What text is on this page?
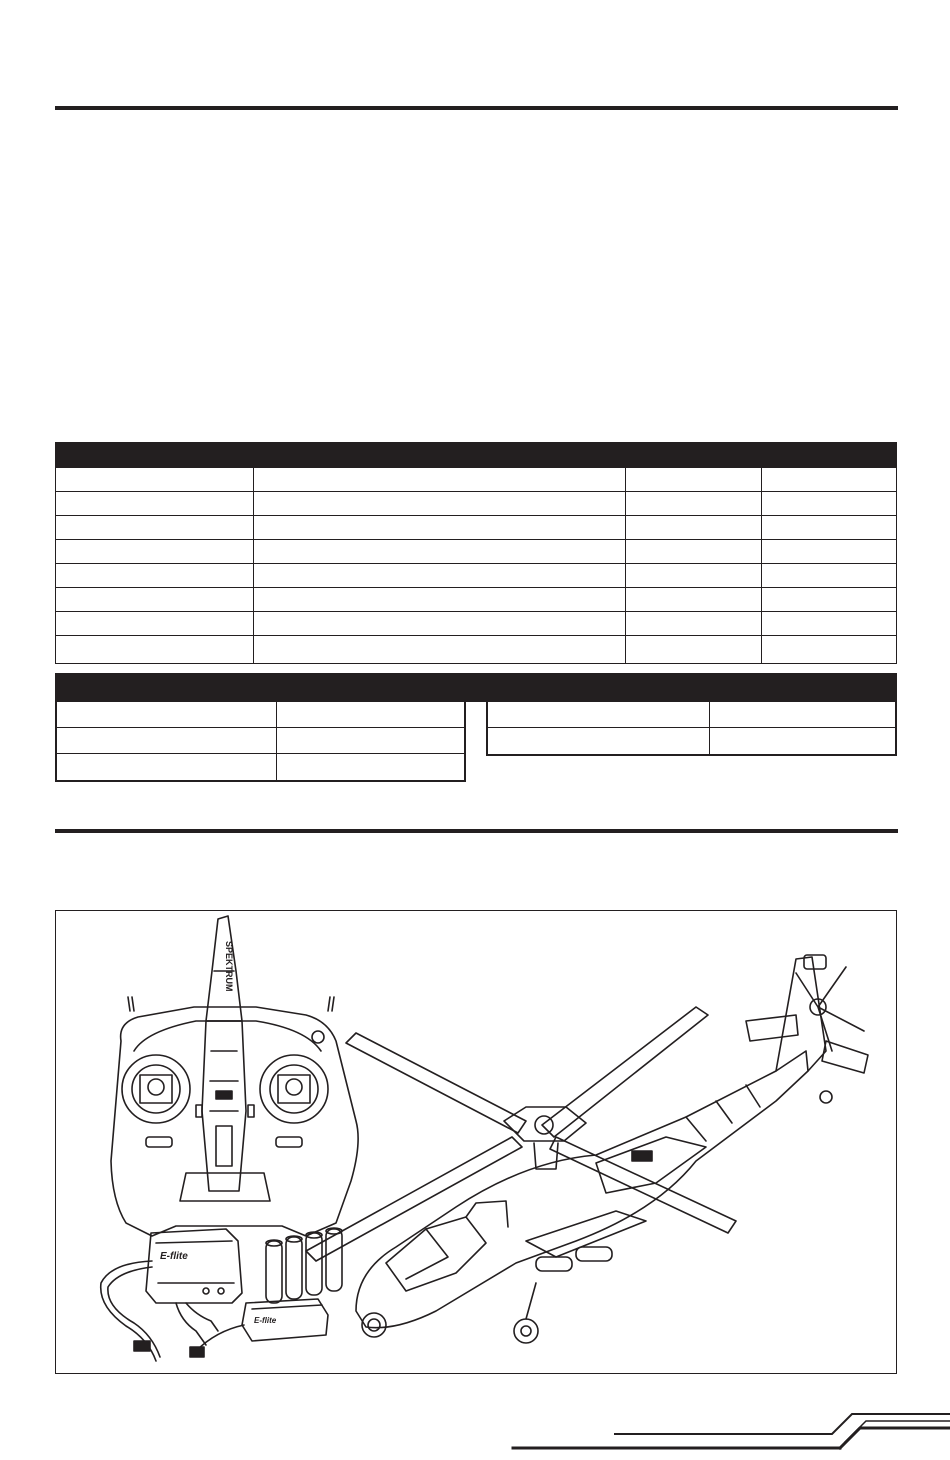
SPEKTRUM
E-flite
E-flite
